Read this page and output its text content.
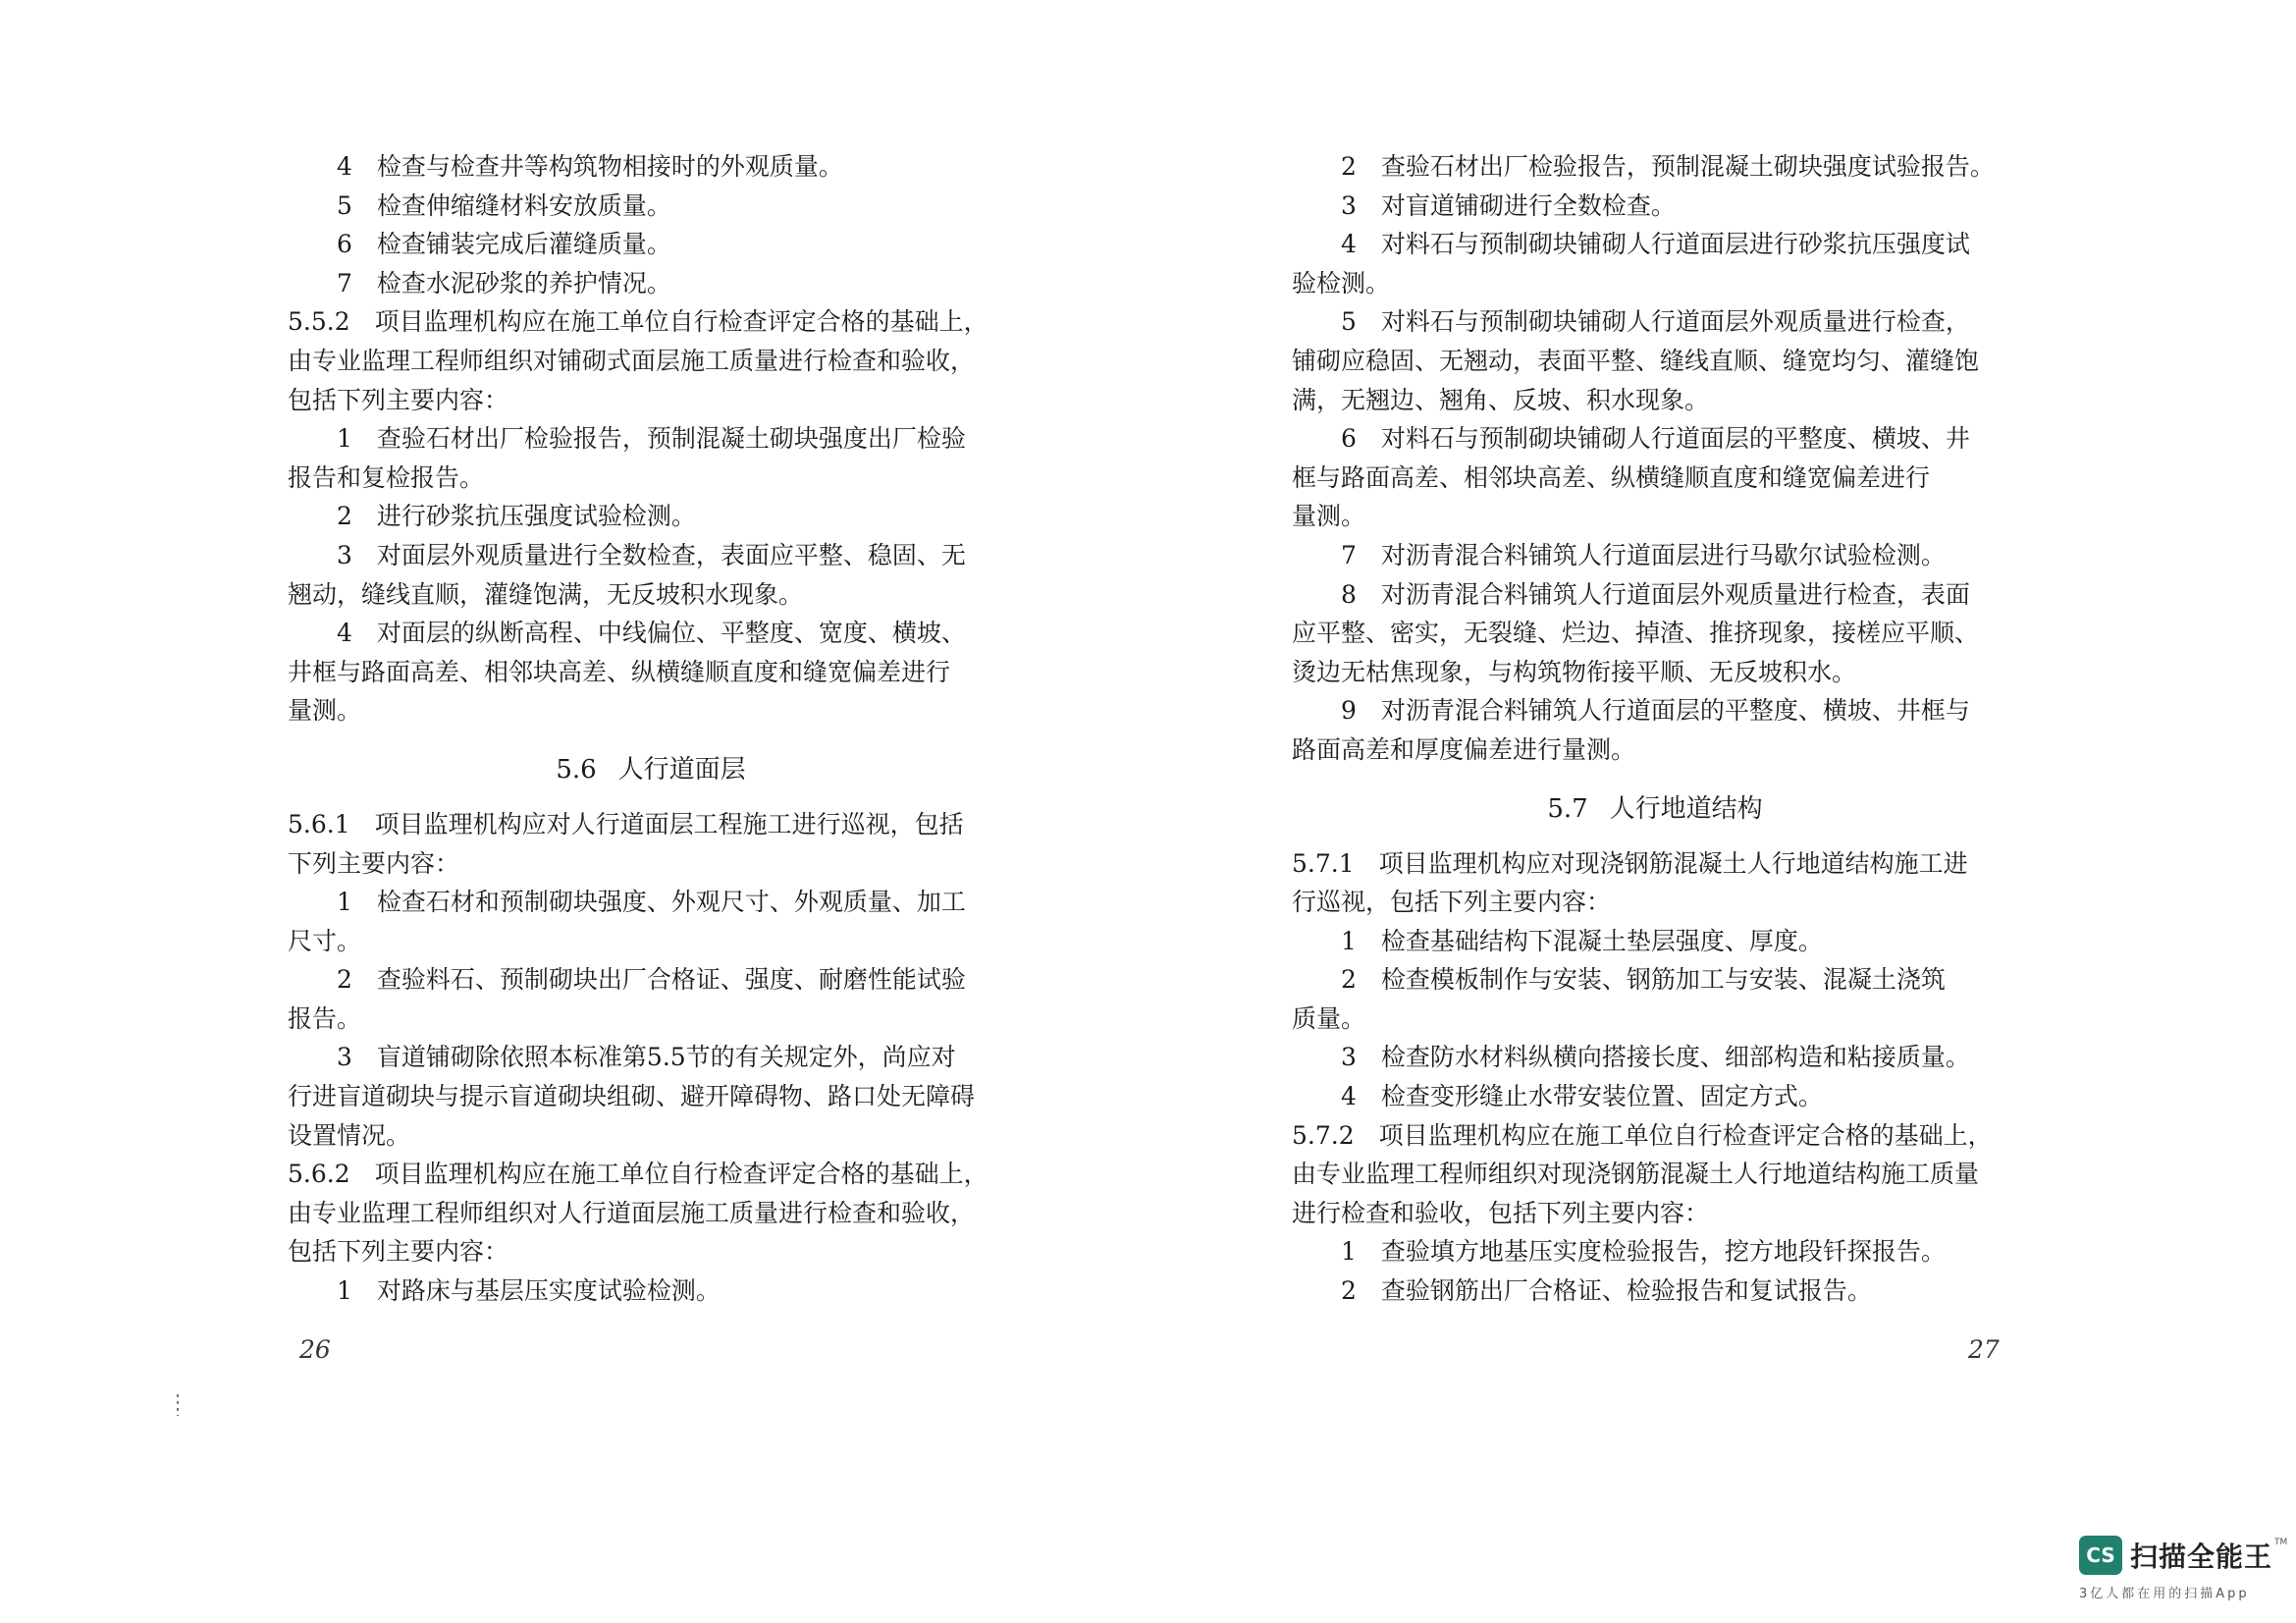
4　检查与检查井等构筑物相接时的外观质量。
5　检查伸缩缝材料安放质量。
6　检查铺装完成后灌缝质量。
7　检查水泥砂浆的养护情况。
5.5.2　项目监理机构应在施工单位自行检查评定合格的基础上，
由专业监理工程师组织对铺砌式面层施工质量进行检查和验收，
包括下列主要内容：
1　查验石材出厂检验报告，预制混凝土砌块强度出厂检验
报告和复检报告。
2　进行砂浆抗压强度试验检测。
3　对面层外观质量进行全数检查，表面应平整、稳固、无
翘动，缝线直顺，灌缝饱满，无反坡积水现象。
4　对面层的纵断高程、中线偏位、平整度、宽度、横坡、
井框与路面高差、相邻块高差、纵横缝顺直度和缝宽偏差进行
量测。
5.6 人行道面层
5.6.1　项目监理机构应对人行道面层工程施工进行巡视，包括
下列主要内容：
1　检查石材和预制砌块强度、外观尺寸、外观质量、加工
尺寸。
2　查验料石、预制砌块出厂合格证、强度、耐磨性能试验
报告。
3　盲道铺砌除依照本标准第5.5节的有关规定外，尚应对
行进盲道砌块与提示盲道砌块组砌、避开障碍物、路口处无障碍
设置情况。
5.6.2　项目监理机构应在施工单位自行检查评定合格的基础上，
由专业监理工程师组织对人行道面层施工质量进行检查和验收，
包括下列主要内容：
1　对路床与基层压实度试验检测。
26
2　查验石材出厂检验报告，预制混凝土砌块强度试验报告。
3　对盲道铺砌进行全数检查。
4　对料石与预制砌块铺砌人行道面层进行砂浆抗压强度试
验检测。
5　对料石与预制砌块铺砌人行道面层外观质量进行检查，
铺砌应稳固、无翘动，表面平整、缝线直顺、缝宽均匀、灌缝饱
满，无翘边、翘角、反坡、积水现象。
6　对料石与预制砌块铺砌人行道面层的平整度、横坡、井
框与路面高差、相邻块高差、纵横缝顺直度和缝宽偏差进行
量测。
7　对沥青混合料铺筑人行道面层进行马歇尔试验检测。
8　对沥青混合料铺筑人行道面层外观质量进行检查，表面
应平整、密实，无裂缝、烂边、掉渣、推挤现象，接槎应平顺、
烫边无枯焦现象，与构筑物衔接平顺、无反坡积水。
9　对沥青混合料铺筑人行道面层的平整度、横坡、井框与
路面高差和厚度偏差进行量测。
5.7 人行地道结构
5.7.1　项目监理机构应对现浇钢筋混凝土人行地道结构施工进
行巡视，包括下列主要内容：
1　检查基础结构下混凝土垫层强度、厚度。
2　检查模板制作与安装、钢筋加工与安装、混凝土浇筑
质量。
3　检查防水材料纵横向搭接长度、细部构造和粘接质量。
4　检查变形缝止水带安装位置、固定方式。
5.7.2　项目监理机构应在施工单位自行检查评定合格的基础上，
由专业监理工程师组织对现浇钢筋混凝土人行地道结构施工质量
进行检查和验收，包括下列主要内容：
1　查验填方地基压实度检验报告，挖方地段钎探报告。
2　查验钢筋出厂合格证、检验报告和复试报告。
27
CS 扫描全能王 TM
3亿人都在用的扫描App
